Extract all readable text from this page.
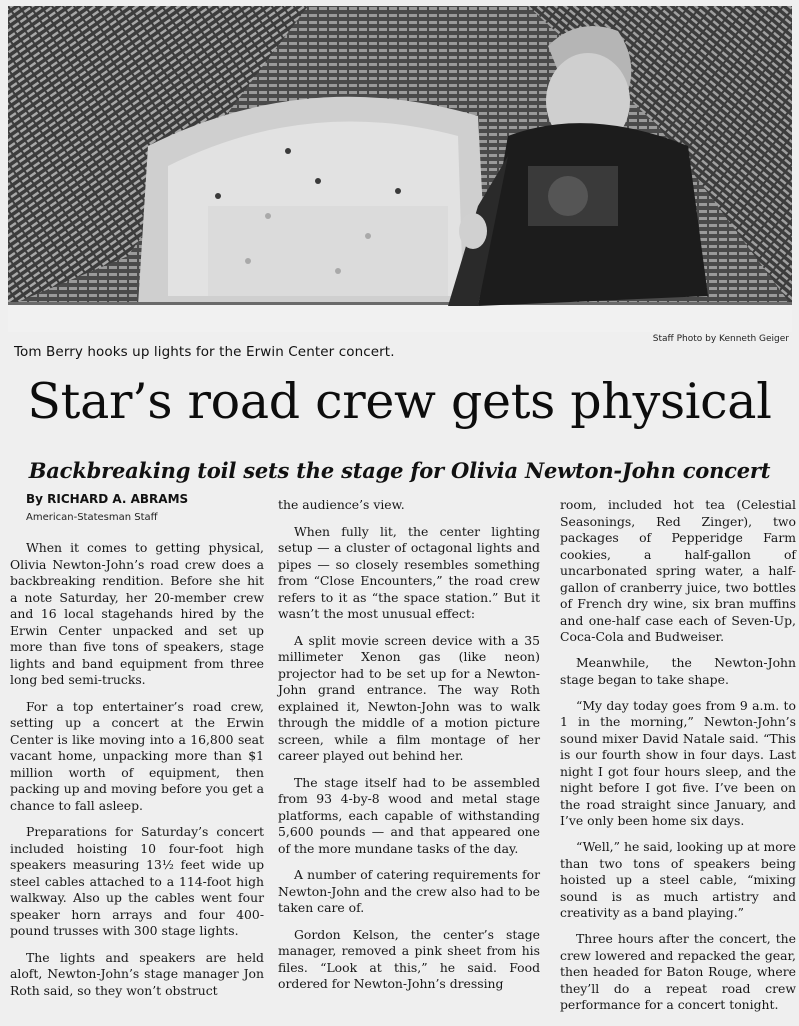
Staff Photo by Kenneth Geiger
Tom Berry hooks up lights for the Erwin Center concert.
Star’s road crew gets physical
Backbreaking toil sets the stage for Olivia Newton-John concert
By RICHARD A. ABRAMS
American-Statesman Staff

When it comes to getting physical, Olivia Newton-John’s road crew does a backbreaking rendition. Before she hit a note Saturday, her 20-member crew and 16 local stagehands hired by the Erwin Center unpacked and set up more than five tons of speakers, stage lights and band equipment from three long bed semi-trucks.

For a top entertainer’s road crew, setting up a concert at the Erwin Center is like moving into a 16,800 seat vacant home, unpacking more than $1 million worth of equipment, then packing up and moving before you get a chance to fall asleep.

Preparations for Saturday’s concert included hoisting 10 four-foot high speakers measuring 13½ feet wide up steel cables attached to a 114-foot high walkway. Also up the cables went four speaker horn arrays and four 400-pound trusses with 300 stage lights.

The lights and speakers are held aloft, Newton-John’s stage manager Jon Roth said, so they won’t obstruct

the audience’s view.

When fully lit, the center lighting setup — a cluster of octagonal lights and pipes — so closely resembles something from “Close Encounters,” the road crew refers to it as “the space station.” But it wasn’t the most unusual effect:

A split movie screen device with a 35 millimeter Xenon gas (like neon) projector had to be set up for a Newton-John grand entrance. The way Roth explained it, Newton-John was to walk through the middle of a motion picture screen, while a film montage of her career played out behind her.

The stage itself had to be assembled from 93 4-by-8 wood and metal stage platforms, each capable of withstanding 5,600 pounds — and that appeared one of the more mundane tasks of the day.

A number of catering requirements for Newton-John and the crew also had to be taken care of.

Gordon Kelson, the center’s stage manager, removed a pink sheet from his files. “Look at this,” he said. Food ordered for Newton-John’s dressing

room, included hot tea (Celestial Seasonings, Red Zinger), two packages of Pepperidge Farm cookies, a half-gallon of uncarbonated spring water, a half-gallon of cranberry juice, two bottles of French dry wine, six bran muffins and one-half case each of Seven-Up, Coca-Cola and Budweiser.

Meanwhile, the Newton-John stage began to take shape.

“My day today goes from 9 a.m. to 1 in the morning,” Newton-John’s sound mixer David Natale said. “This is our fourth show in four days. Last night I got four hours sleep, and the night before I got five. I’ve been on the road straight since January, and I’ve only been home six days.

“Well,” he said, looking up at more than two tons of speakers being hoisted up a steel cable, “mixing sound is as much artistry and creativity as a band playing.”

Three hours after the concert, the crew lowered and repacked the gear, then headed for Baton Rouge, where they’ll do a repeat road crew performance for a concert tonight.
